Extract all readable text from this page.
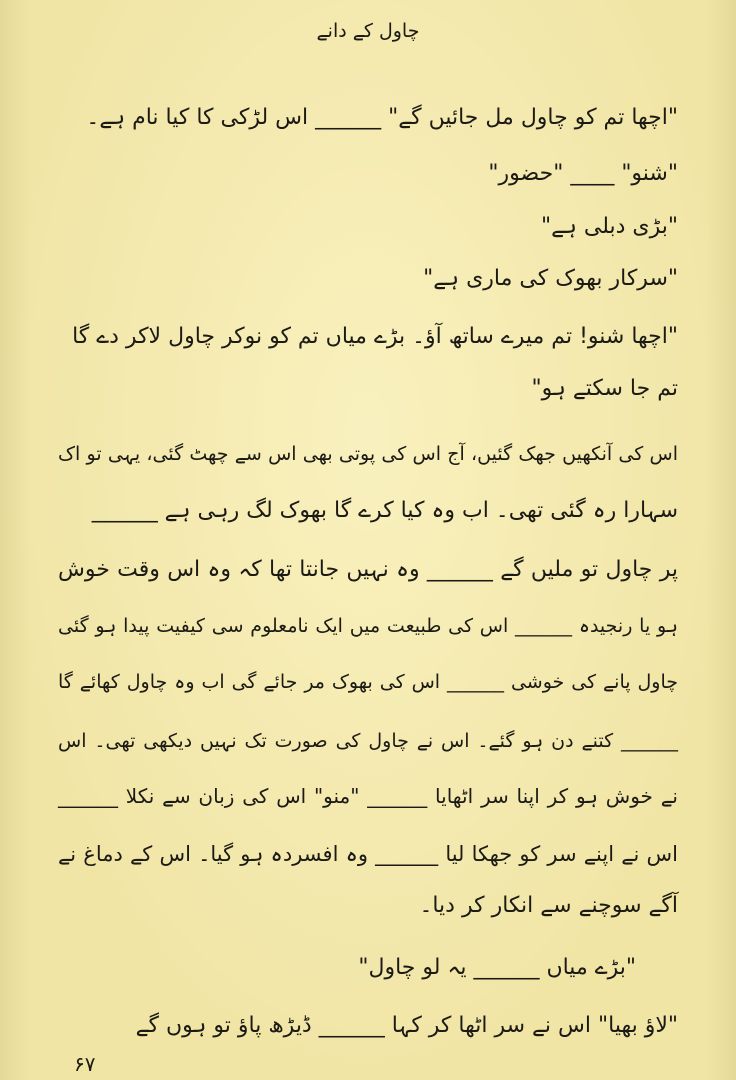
چاول کے دانے
"اچھا تم کو چاول مل جائیں گے" ______ اس لڑکی کا کیا نام ہے۔
"شنو" ____ "حضور"
"بڑی دبلی ہے"
"سرکار بھوک کی ماری ہے"
"اچھا شنو! تم میرے ساتھ آؤ۔ بڑے میاں تم کو نوکر چاول لاکر دے گا
تم جا سکتے ہو"
اس کی آنکھیں جھک گئیں، آج اس کی پوتی بھی اس سے چھٹ گئی، یہی تو اک
سہارا رہ گئی تھی۔ اب وہ کیا کرے گا بھوک لگ رہی ہے ______
پر چاول تو ملیں گے ______ وہ نہیں جانتا تھا کہ وہ اس وقت خوش
ہو یا رنجیدہ ______ اس کی طبیعت میں ایک نامعلوم سی کیفیت پیدا ہو گئی
چاول پانے کی خوشی ______ اس کی بھوک مر جائے گی اب وہ چاول کھائے گا
______ کتنے دن ہو گئے۔ اس نے چاول کی صورت تک نہیں دیکھی تھی۔ اس
نے خوش ہو کر اپنا سر اٹھایا ______ "منو" اس کی زبان سے نکلا ______
اس نے اپنے سر کو جھکا لیا ______ وہ افسردہ ہو گیا۔ اس کے دماغ نے
آگے سوچنے سے انکار کر دیا۔
"بڑے میاں ______ یہ لو چاول"
"لاؤ بھیا" اس نے سر اٹھا کر کہا ______ ڈیڑھ پاؤ تو ہوں گے
۶۷
